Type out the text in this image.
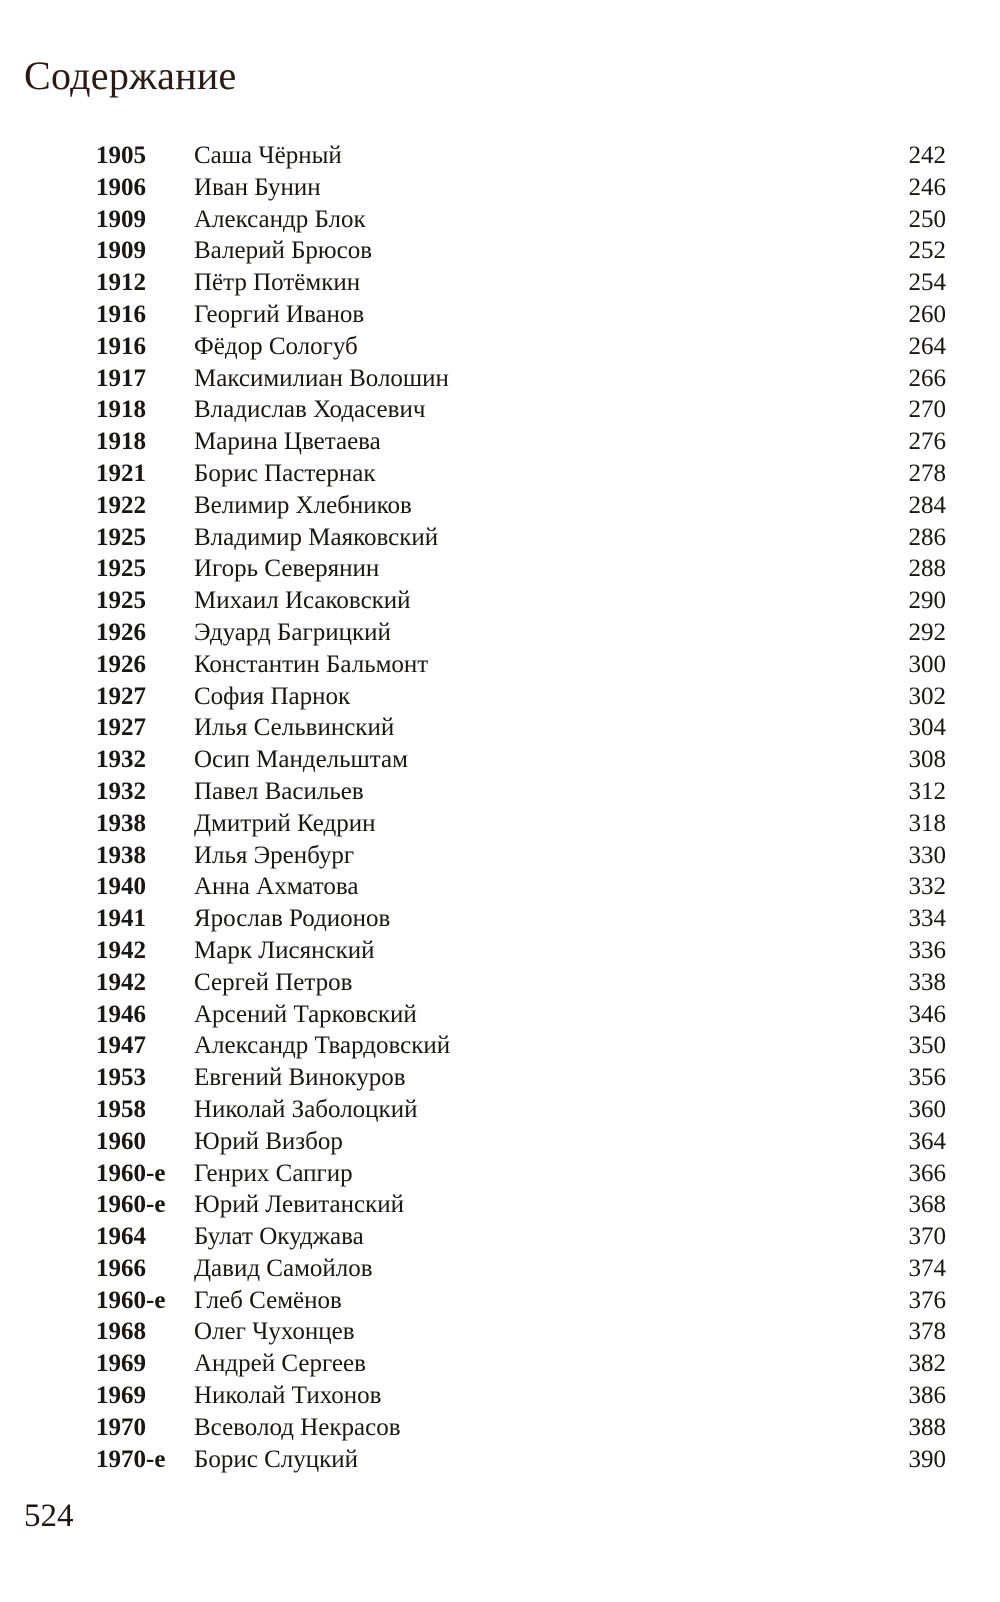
Содержание
1905 Саша Чёрный	242
1906 Иван Бунин	246
1909 Александр Блок	250
1909 Валерий Брюсов	252
1912 Пётр Потёмкин	254
1916 Георгий Иванов	260
1916 Фёдор Сологуб	264
1917 Максимилиан Волошин	266
1918 Владислав Ходасевич	270
1918 Марина Цветаева	276
1921 Борис Пастернак	278
1922 Велимир Хлебников	284
1925 Владимир Маяковский	286
1925 Игорь Северянин	288
1925 Михаил Исаковский	290
1926 Эдуард Багрицкий	292
1926 Константин Бальмонт	300
1927 София Парнок	302
1927 Илья Сельвинский	304
1932 Осип Мандельштам	308
1932 Павел Васильев	312
1938 Дмитрий Кедрин	318
1938 Илья Эренбург	330
1940 Анна Ахматова	332
1941 Ярослав Родионов	334
1942 Марк Лисянский	336
1942 Сергей Петров	338
1946 Арсений Тарковский	346
1947 Александр Твардовский	350
1953 Евгений Винокуров	356
1958 Николай Заболоцкий	360
1960 Юрий Визбор	364
1960-е Генрих Сапгир	366
1960-е Юрий Левитанский	368
1964 Булат Окуджава	370
1966 Давид Самойлов	374
1960-е Глеб Семёнов	376
1968 Олег Чухонцев	378
1969 Андрей Сергеев	382
1969 Николай Тихонов	386
1970 Всеволод Некрасов	388
1970-е Борис Слуцкий	390
524
